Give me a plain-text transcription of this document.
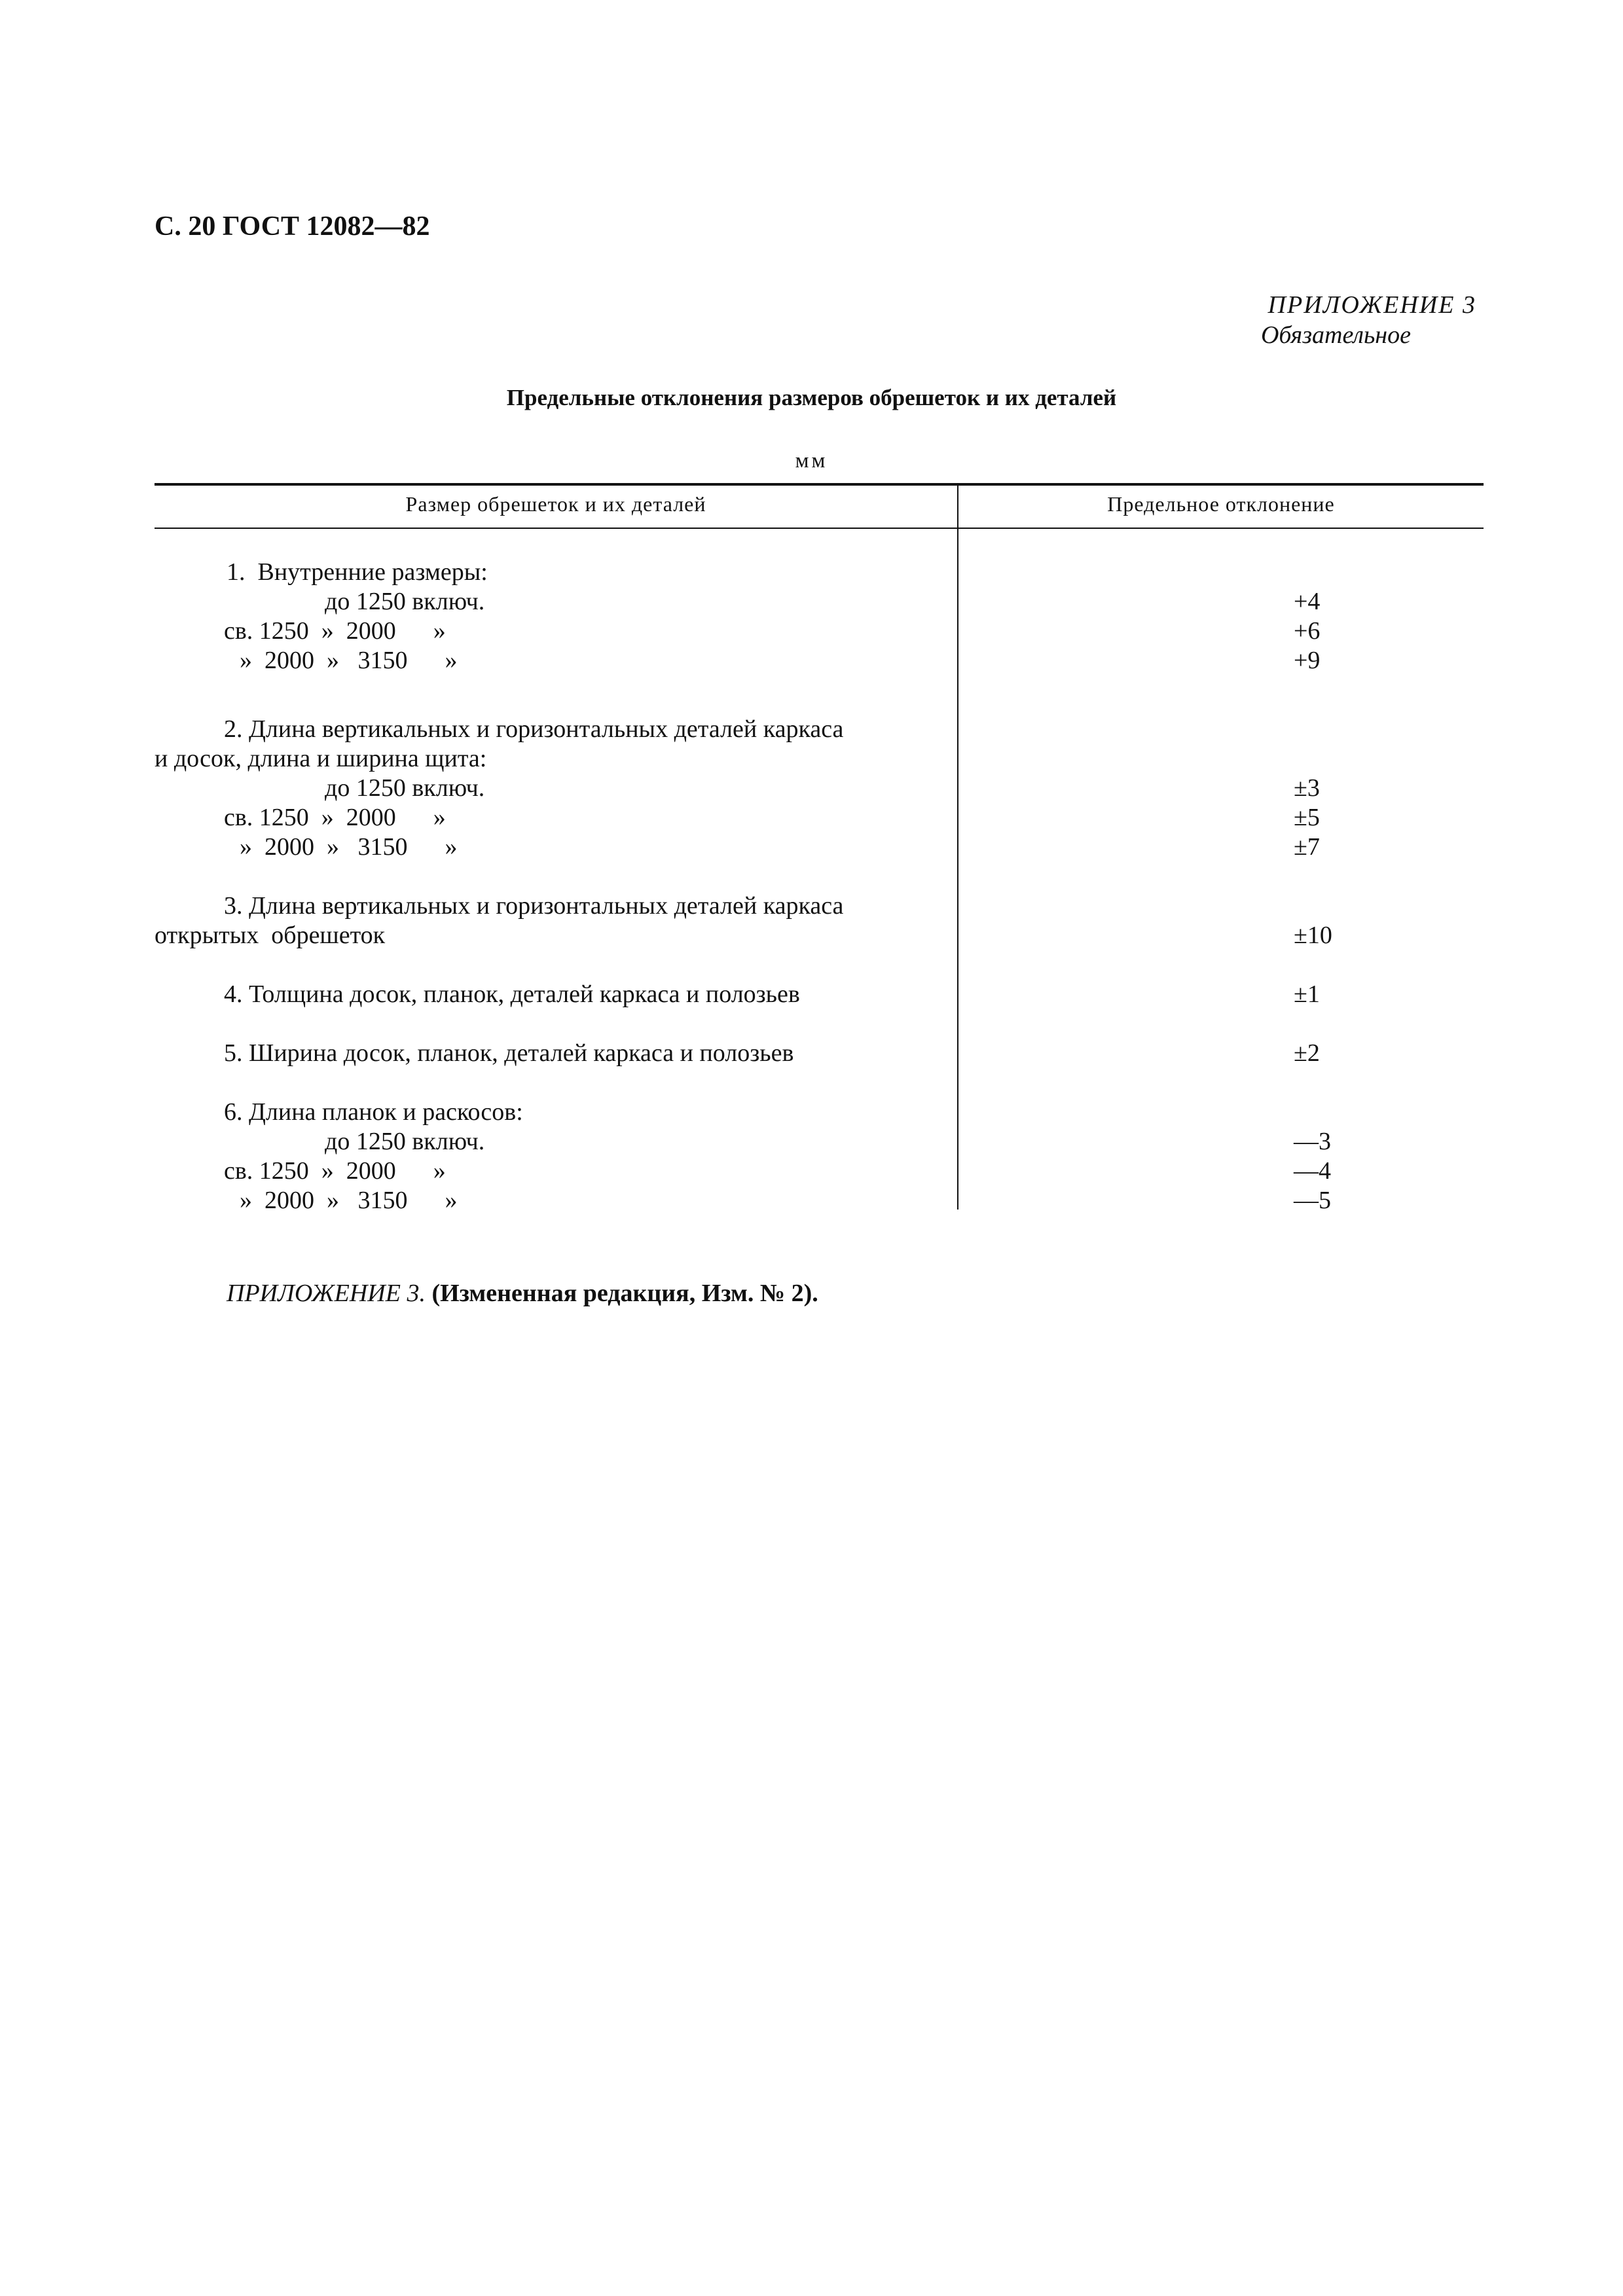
С. 20 ГОСТ 12082—82
ПРИЛОЖЕНИЕ 3
Обязательное
Предельные отклонения размеров обрешеток и их деталей
мм
Размер обрешеток и их деталей	Предельное отклонение
1.  Внутренние размеры:
до 1250 включ.	+4
св. 1250  »  2000      »	+6
»  2000  »   3150      »	+9
2. Длина вертикальных и горизонтальных деталей каркаса
и досок, длина и ширина щита:
до 1250 включ.	±3
св. 1250  »  2000      »	±5
»  2000  »   3150      »	±7
3. Длина вертикальных и горизонтальных деталей каркаса
открытых  обрешеток	±10
4. Толщина досок, планок, деталей каркаса и полозьев	±1
5. Ширина досок, планок, деталей каркаса и полозьев	±2
6. Длина планок и раскосов:
до 1250 включ.	—3
св. 1250  »  2000      »	—4
»  2000  »   3150      »	—5
ПРИЛОЖЕНИЕ 3. (Измененная редакция, Изм. № 2).
